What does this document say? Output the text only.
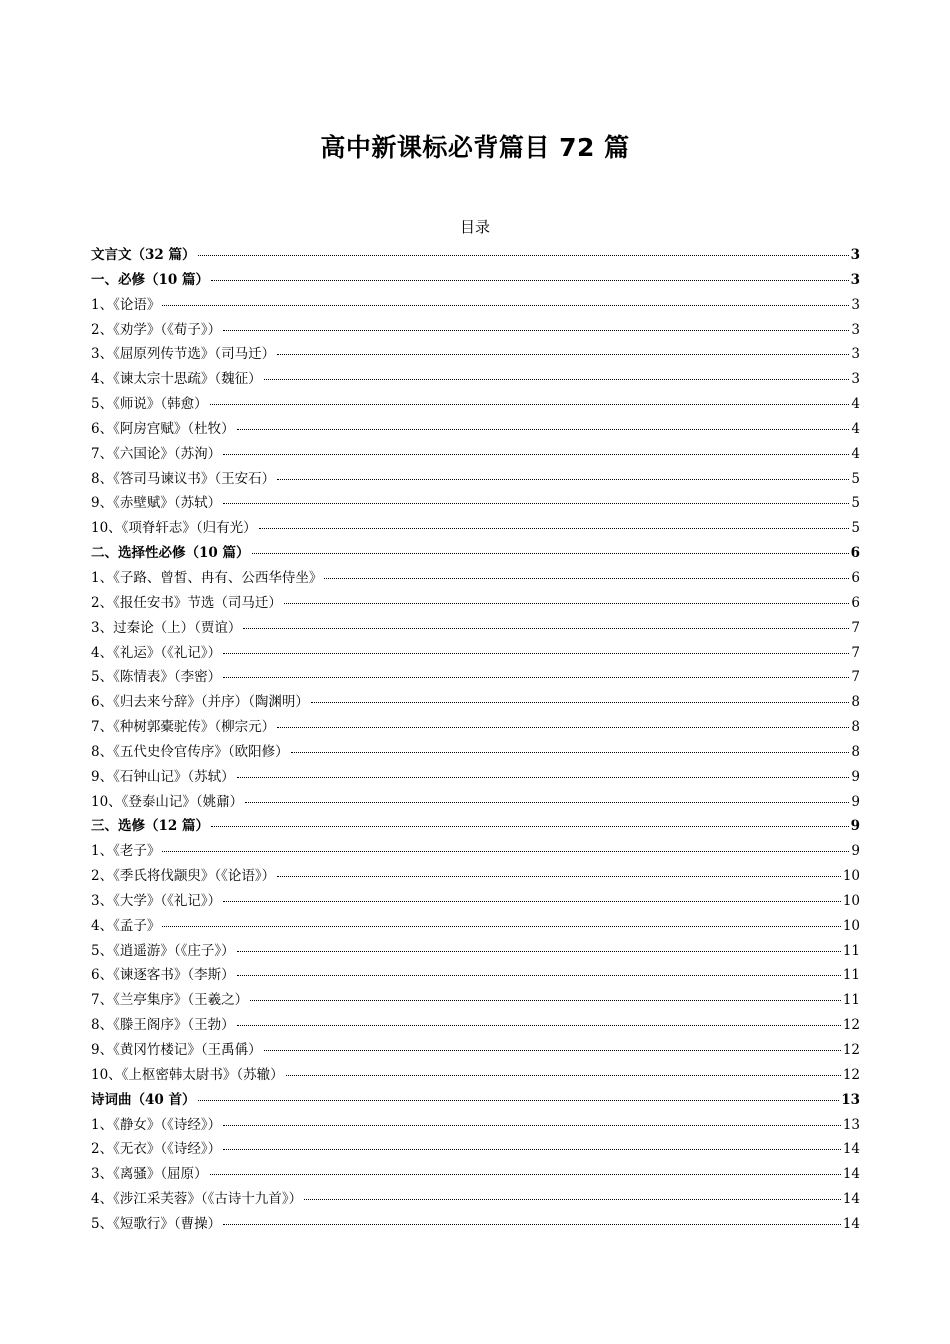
高中新课标必背篇目 72 篇
目录
文言文（32 篇）	3
一、必修（10 篇）	3
1、《论语》	3
2、《劝学》（《荀子》）	3
3、《屈原列传节选》（司马迁）	3
4、《谏太宗十思疏》（魏征）	3
5、《师说》（韩愈）	4
6、《阿房宫赋》（杜牧）	4
7、《六国论》（苏洵）	4
8、《答司马谏议书》（王安石）	5
9、《赤壁赋》（苏轼）	5
10、《项脊轩志》（归有光）	5
二、选择性必修（10 篇）	6
1、《子路、曾皙、冉有、公西华侍坐》	6
2、《报任安书》节选（司马迁）	6
3、过秦论（上）（贾谊）	7
4、《礼运》（《礼记》）	7
5、《陈情表》（李密）	7
6、《归去来兮辞》（并序）（陶渊明）	8
7、《种树郭橐驼传》（柳宗元）	8
8、《五代史伶官传序》（欧阳修）	8
9、《石钟山记》（苏轼）	9
10、《登泰山记》（姚鼐）	9
三、选修（12 篇）	9
1、《老子》	9
2、《季氏将伐颛臾》（《论语》）	10
3、《大学》（《礼记》）	10
4、《孟子》	10
5、《逍遥游》（《庄子》）	11
6、《谏逐客书》（李斯）	11
7、《兰亭集序》（王羲之）	11
8、《滕王阁序》（王勃）	12
9、《黄冈竹楼记》（王禹偁）	12
10、《上枢密韩太尉书》（苏辙）	12
诗词曲（40 首）	13
1、《静女》（《诗经》）	13
2、《无衣》（《诗经》）	14
3、《离骚》（屈原）	14
4、《涉江采芙蓉》（《古诗十九首》）	14
5、《短歌行》（曹操）	14
